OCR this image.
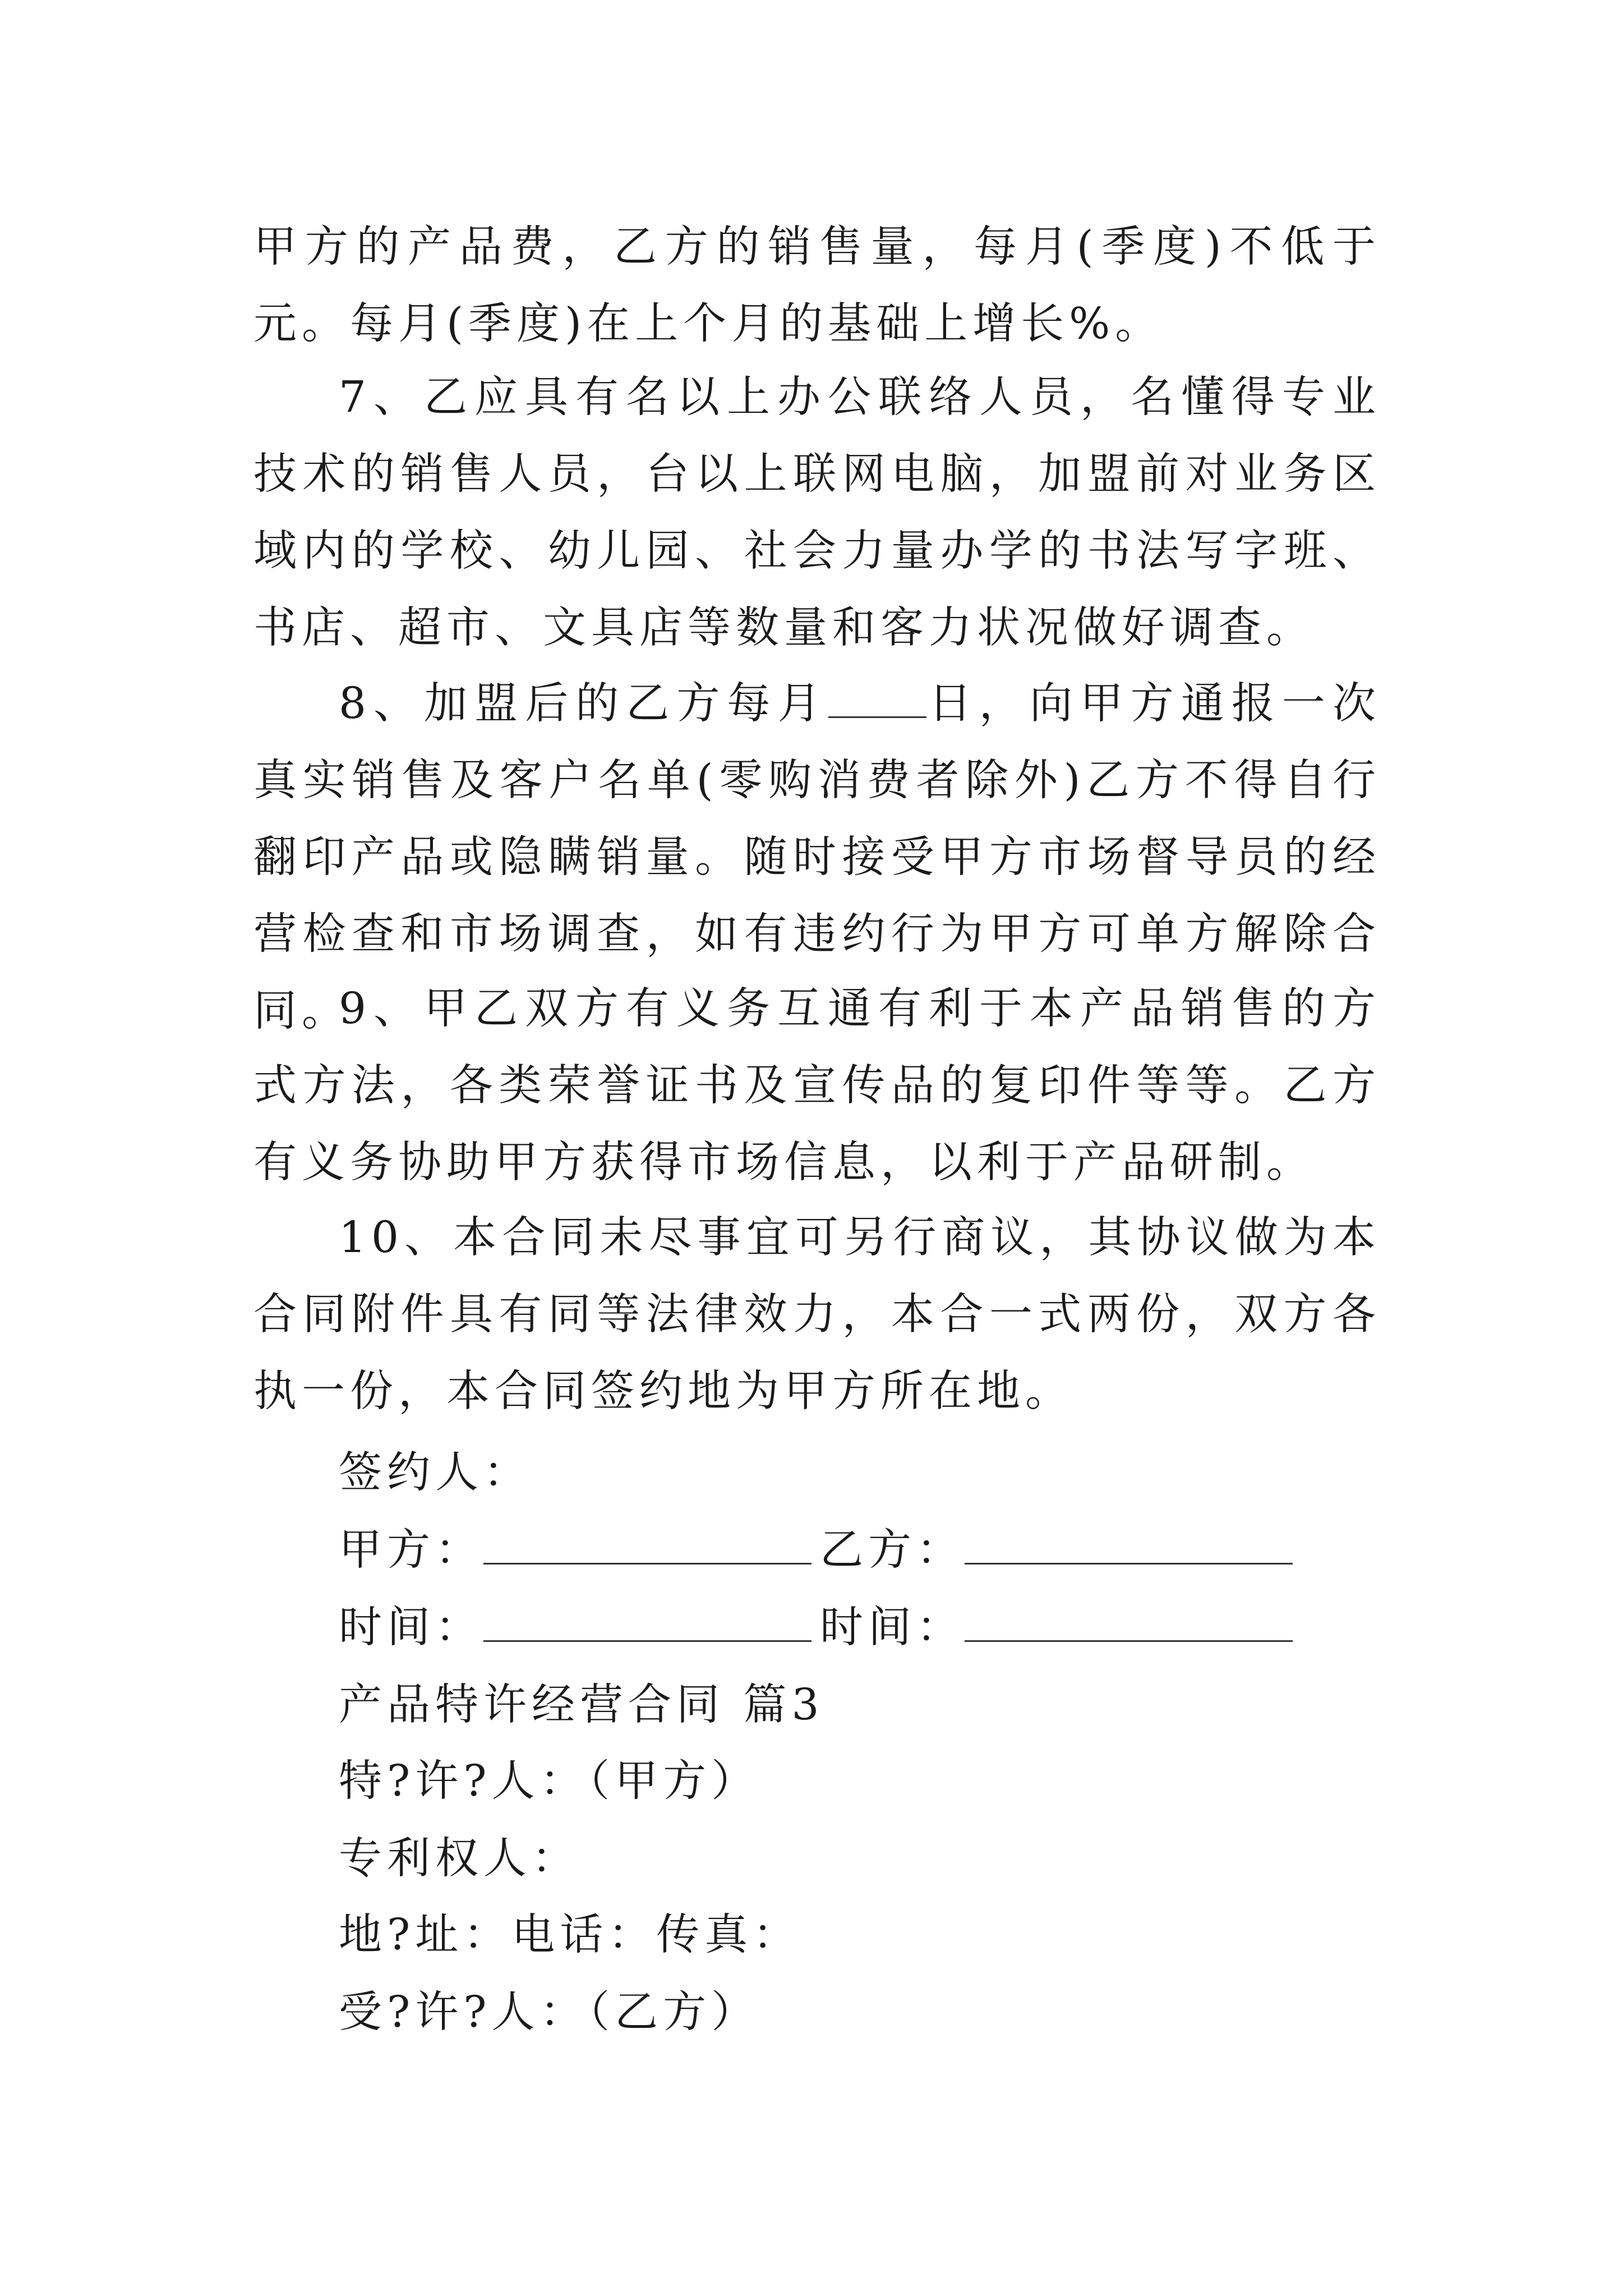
甲方的产品费，乙方的销售量，每月(季度)不低于元。每月(季度)在上个月的基础上增长%。

7、乙应具有名以上办公联络人员，名懂得专业技术的销售人员，台以上联网电脑，加盟前对业务区域内的学校、幼儿园、社会力量办学的书法写字班、书店、超市、文具店等数量和客力状况做好调查。

8、加盟后的乙方每月 日，向甲方通报一次真实销售及客户名单(零购消费者除外)乙方不得自行翻印产品或隐瞒销量。随时接受甲方市场督导员的经营检查和市场调查，如有违约行为甲方可单方解除合同。

9、甲乙双方有义务互通有利于本产品销售的方式方法，各类荣誉证书及宣传品的复印件等等。乙方有义务协助甲方获得市场信息，以利于产品研制。

10、本合同未尽事宜可另行商议，其协议做为本合同附件具有同等法律效力，本合一式两份，双方各执一份，本合同签约地为甲方所在地。

签约人：

甲方：	乙方：

时间：	时间：

产品特许经营合同 篇3

特?许?人：（甲方）

专利权人：

地?址：电话：传真：

受?许?人：（乙方）
